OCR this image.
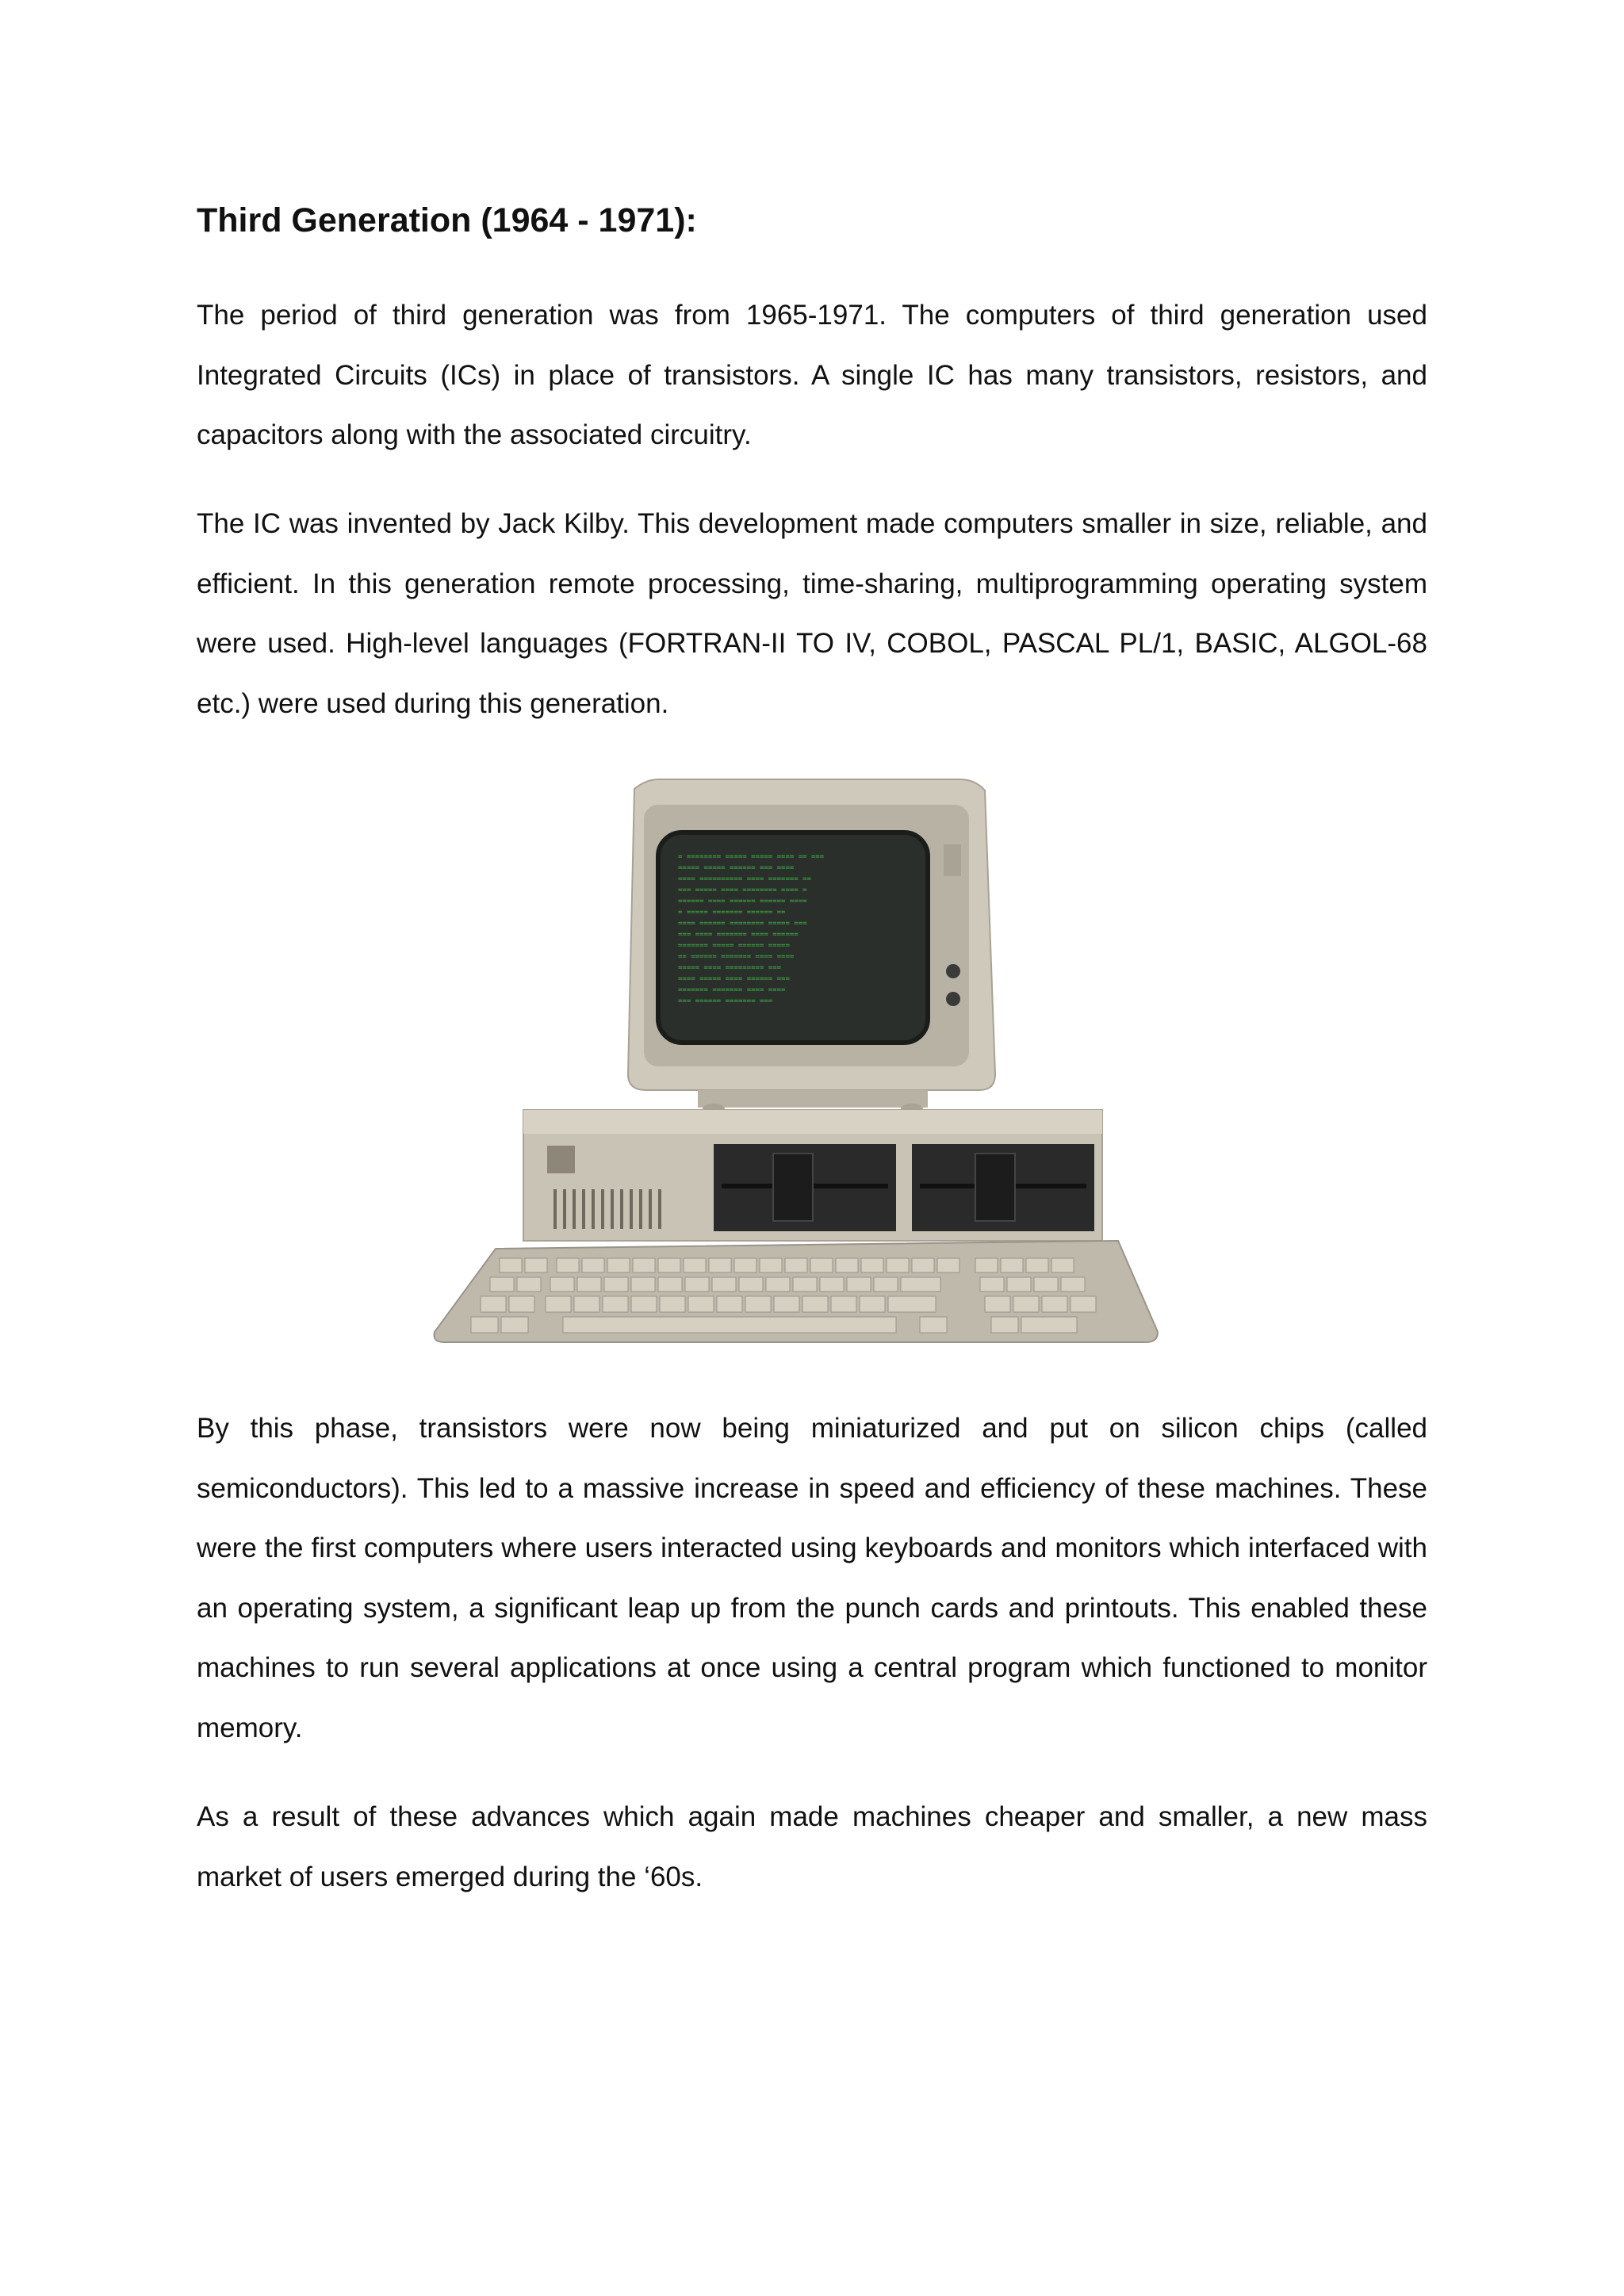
Third Generation (1964 - 1971):

The period of third generation was from 1965-1971. The computers of third generation used Integrated Circuits (ICs) in place of transistors. A single IC has many transistors, resistors, and capacitors along with the associated circuitry.

The IC was invented by Jack Kilby. This development made computers smaller in size, reliable, and efficient. In this generation remote processing, time-sharing, multiprogramming operating system were used. High-level languages (FORTRAN-II TO IV, COBOL, PASCAL PL/1, BASIC, ALGOL-68 etc.) were used during this generation.

= ======== ===== ===== ==== == ===
===== ===== ====== === ====
==== ========== ==== ======= ==
=== ===== ==== ======== ==== =
====== ==== ====== ====== ====
= ===== ======= ====== ==
==== ====== ======== ===== ===
=== ==== ======= ==== ======
======= ===== ====== =====
== ====== ======= ==== ====
===== ==== ========= ===
==== ===== ==== ====== ===
======= ======= ==== ====
=== ====== ======= ===

By this phase, transistors were now being miniaturized and put on silicon chips (called semiconductors). This led to a massive increase in speed and efficiency of these machines. These were the first computers where users interacted using keyboards and monitors which interfaced with an operating system, a significant leap up from the punch cards and printouts. This enabled these machines to run several applications at once using a central program which functioned to monitor memory.

As a result of these advances which again made machines cheaper and smaller, a new mass market of users emerged during the ‘60s.
